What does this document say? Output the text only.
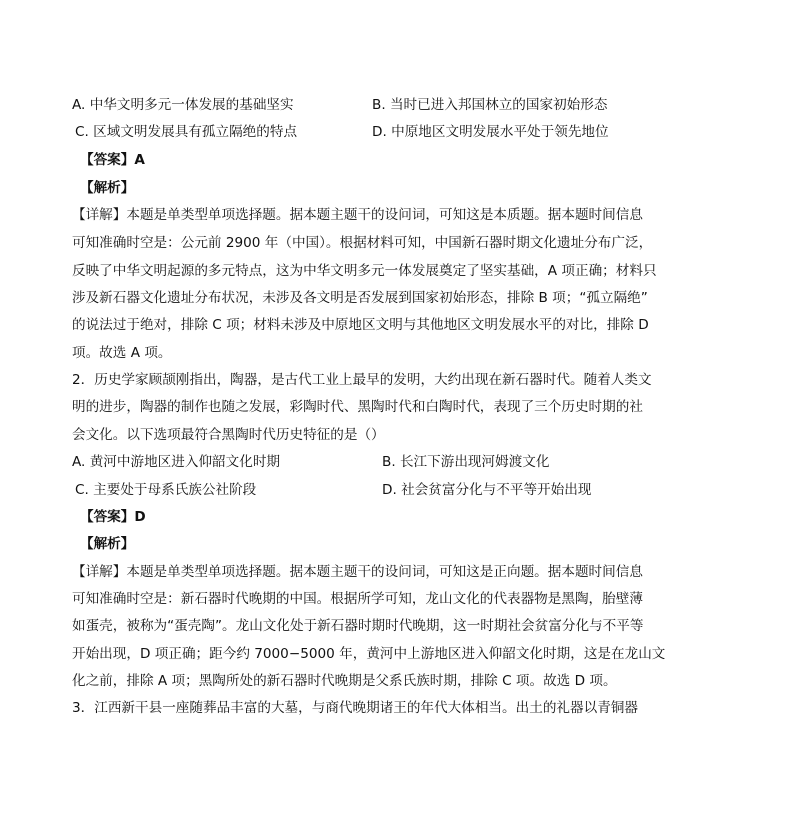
A. 中华文明多元一体发展的基础坚实	B. 当时已进入邦国林立的国家初始形态
C. 区域文明发展具有孤立隔绝的特点	D. 中原地区文明发展水平处于领先地位
【答案】A
【解析】
【详解】本题是单类型单项选择题。据本题主题干的设问词，可知这是本质题。据本题时间信息
可知准确时空是：公元前 2900 年（中国）。根据材料可知，中国新石器时期文化遗址分布广泛，
反映了中华文明起源的多元特点，这为中华文明多元一体发展奠定了坚实基础，A 项正确；材料只
涉及新石器文化遗址分布状况，未涉及各文明是否发展到国家初始形态，排除 B 项；“孤立隔绝”
的说法过于绝对，排除 C 项；材料未涉及中原地区文明与其他地区文明发展水平的对比，排除 D
项。故选 A 项。
2．历史学家顾颉刚指出，陶器，是古代工业上最早的发明，大约出现在新石器时代。随着人类文
明的进步，陶器的制作也随之发展，彩陶时代、黑陶时代和白陶时代，表现了三个历史时期的社
会文化。以下选项最符合黑陶时代历史特征的是（）
A. 黄河中游地区进入仰韶文化时期	B. 长江下游出现河姆渡文化
C. 主要处于母系氏族公社阶段	D. 社会贫富分化与不平等开始出现
【答案】D
【解析】
【详解】本题是单类型单项选择题。据本题主题干的设问词，可知这是正向题。据本题时间信息
可知准确时空是：新石器时代晚期的中国。根据所学可知，龙山文化的代表器物是黑陶，胎壁薄
如蛋壳，被称为“蛋壳陶”。龙山文化处于新石器时期时代晚期，这一时期社会贫富分化与不平等
开始出现，D 项正确；距今约 7000−5000 年，黄河中上游地区进入仰韶文化时期，这是在龙山文
化之前，排除 A 项；黑陶所处的新石器时代晚期是父系氏族时期，排除 C 项。故选 D 项。
3．江西新干县一座随葬品丰富的大墓，与商代晚期诸王的年代大体相当。出土的礼器以青铜器
